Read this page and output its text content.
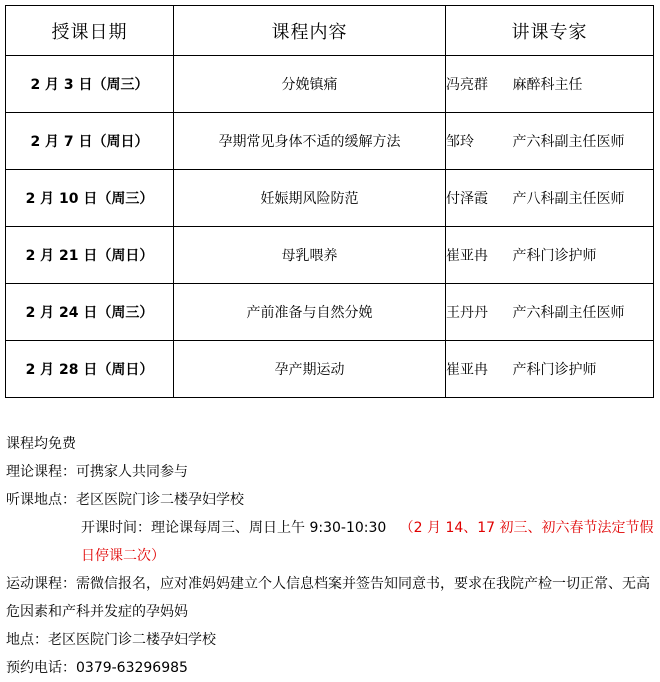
授课日期	课程内容	讲课专家
2 月 3 日（周三）	分娩镇痛	冯亮群 麻醉科主任
2 月 7 日（周日）	孕期常见身体不适的缓解方法	邹玲 产六科副主任医师
2 月 10 日（周三）	妊娠期风险防范	付泽霞 产八科副主任医师
2 月 21 日（周日）	母乳喂养	崔亚冉 产科门诊护师
2 月 24 日（周三）	产前准备与自然分娩	王丹丹 产六科副主任医师
2 月 28 日（周日）	孕产期运动	崔亚冉 产科门诊护师
课程均免费
理论课程：可携家人共同参与
听课地点：老区医院门诊二楼孕妇学校
开课时间：理论课每周三、周日上午 9:30-10:30 （2 月 14、17 初三、初六春节法定节假日停课二次）
运动课程：需微信报名，应对准妈妈建立个人信息档案并签告知同意书，要求在我院产检一切正常、无高危因素和产科并发症的孕妈妈
地点：老区医院门诊二楼孕妇学校
预约电话：0379-63296985
